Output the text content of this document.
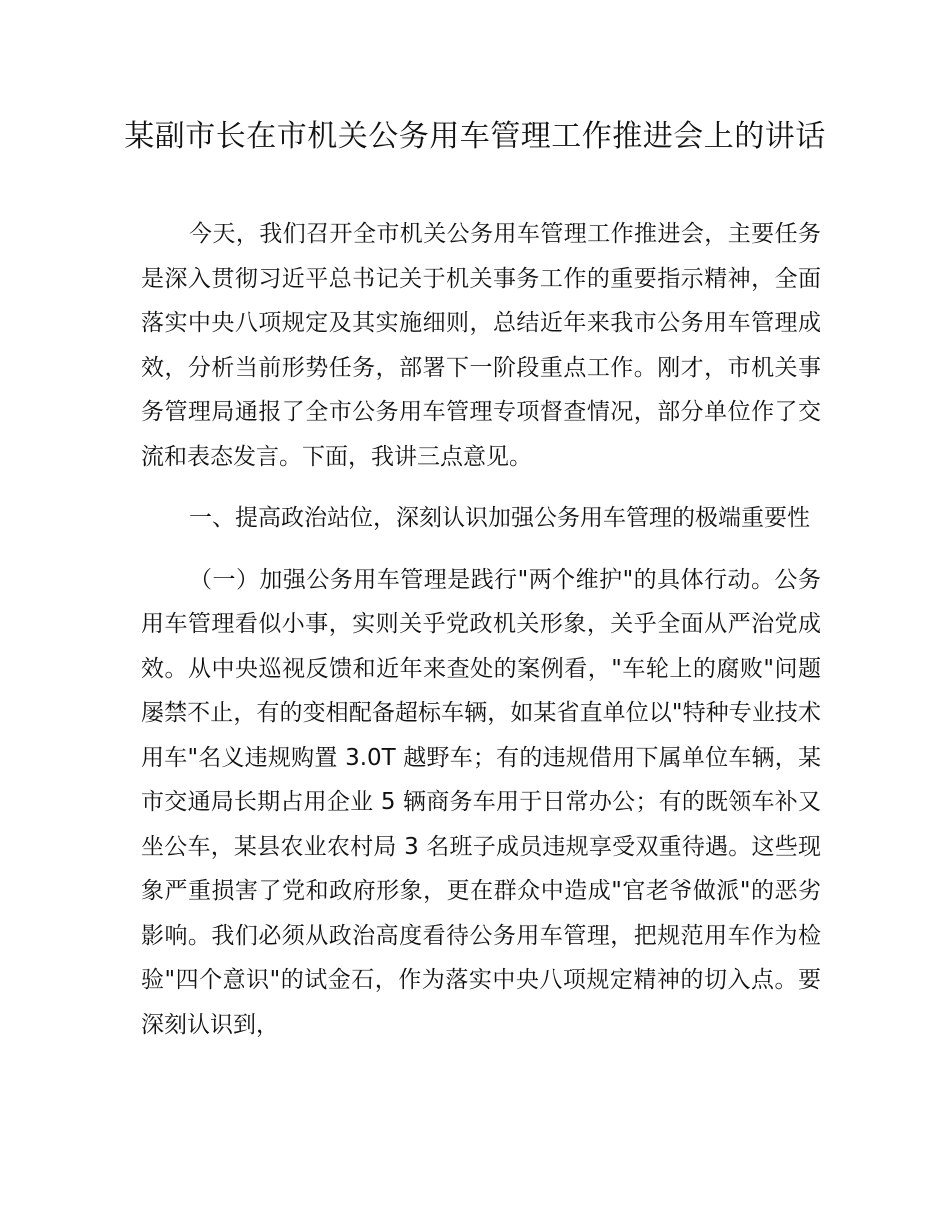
某副市长在市机关公务用车管理工作推进会上的讲话

今天，我们召开全市机关公务用车管理工作推进会，主要任务是深入贯彻习近平总书记关于机关事务工作的重要指示精神，全面落实中央八项规定及其实施细则，总结近年来我市公务用车管理成效，分析当前形势任务，部署下一阶段重点工作。刚才，市机关事务管理局通报了全市公务用车管理专项督查情况，部分单位作了交流和表态发言。下面，我讲三点意见。

一、提高政治站位，深刻认识加强公务用车管理的极端重要性

（一）加强公务用车管理是践行"两个维护"的具体行动。公务用车管理看似小事，实则关乎党政机关形象，关乎全面从严治党成效。从中央巡视反馈和近年来查处的案例看，"车轮上的腐败"问题屡禁不止，有的变相配备超标车辆，如某省直单位以"特种专业技术用车"名义违规购置 3.0T 越野车；有的违规借用下属单位车辆，某市交通局长期占用企业 5 辆商务车用于日常办公；有的既领车补又坐公车，某县农业农村局 3 名班子成员违规享受双重待遇。这些现象严重损害了党和政府形象，更在群众中造成"官老爷做派"的恶劣影响。我们必须从政治高度看待公务用车管理，把规范用车作为检验"四个意识"的试金石，作为落实中央八项规定精神的切入点。要深刻认识到，
